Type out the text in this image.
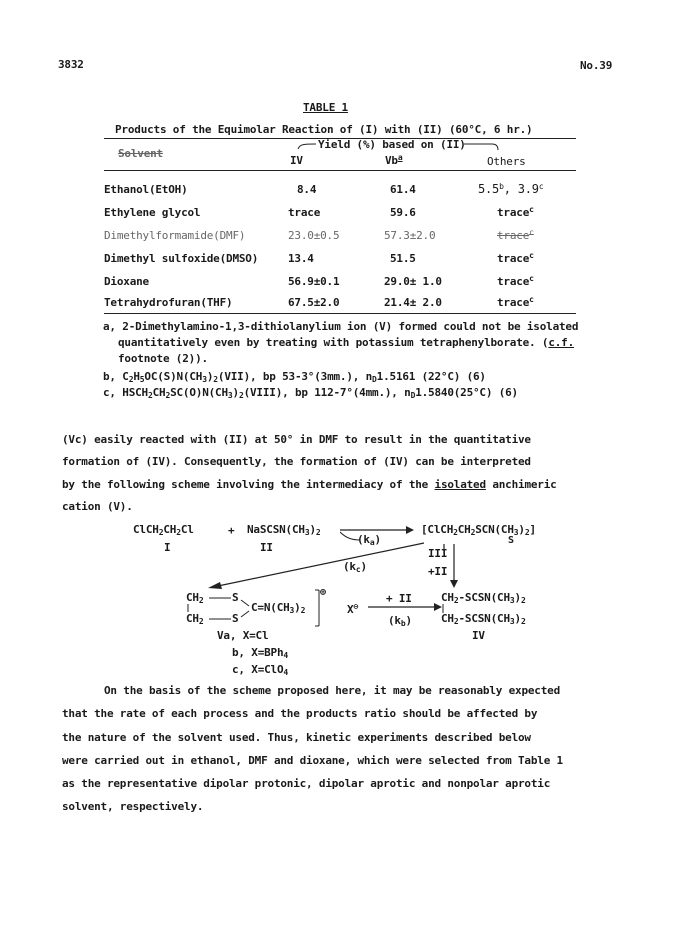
3832	No.39
TABLE 1
Products of the Equimolar Reaction of (I) with (II) (60°C, 6 hr.)
Yield (%) based on (II)
Solvent
IV	Vb$^a$	Others
Ethanol(EtOH)	8.4	61.4	5.5$^b$, 3.9$^c$
Ethylene glycol	trace	59.6	trace$^c$
Dimethylformamide(DMF)	23.0±0.5	57.3±2.0	trace$^c$
Dimethyl sulfoxide(DMSO)	13.4	51.5	trace$^c$
Dioxane	56.9±0.1	29.0± 1.0	trace$^c$
Tetrahydrofuran(THF)	67.5±2.0	21.4± 2.0	trace$^c$
a, 2-Dimethylamino-1,3-dithiolanylium ion (V) formed could not be isolated
quantitatively even by treating with potassium tetraphenylborate. (c.f.
footnote (2)).
b, $C_2H_5OC(S)N(CH_3)_2(VII)$, bp 53-3°(3mm.), $n_D1.5161$ (22°C) (6)
c, $HSCH_2CH_2SC(O)N(CH_3)_2(VIII)$, bp 112-7°(4mm.), $n_D1.5840(25^\circ C)$ (6)
(Vc) easily reacted with (II) at 50° in DMF to result in the quantitative
formation of (IV). Consequently, the formation of (IV) can be interpreted
by the following scheme involving the intermediacy of the isolated anchimeric
cation (V).
$ClCH_2CH_2Cl$
I
+ $NaSCSN(CH_3)_2$
II
$(k_a)$
$[ClCH_2CH_2SCN(CH_3)_2]$
S
III
+II
$(k_c)$
$CH_2$
$CH_2$
S
S
$C=N(CH_3)_2$
⊕
X⊖
+ II
$(k_b)$
$CH_2-SCSN(CH_3)_2$
$CH_2-SCSN(CH_3)_2$
IV
Va, X=Cl
b, X=BPh$_4$
c, X=ClO$_4$
On the basis of the scheme proposed here, it may be reasonably expected
that the rate of each process and the products ratio should be affected by
the nature of the solvent used. Thus, kinetic experiments described below
were carried out in ethanol, DMF and dioxane, which were selected from Table 1
as the representative dipolar protonic, dipolar aprotic and nonpolar aprotic
solvent, respectively.
